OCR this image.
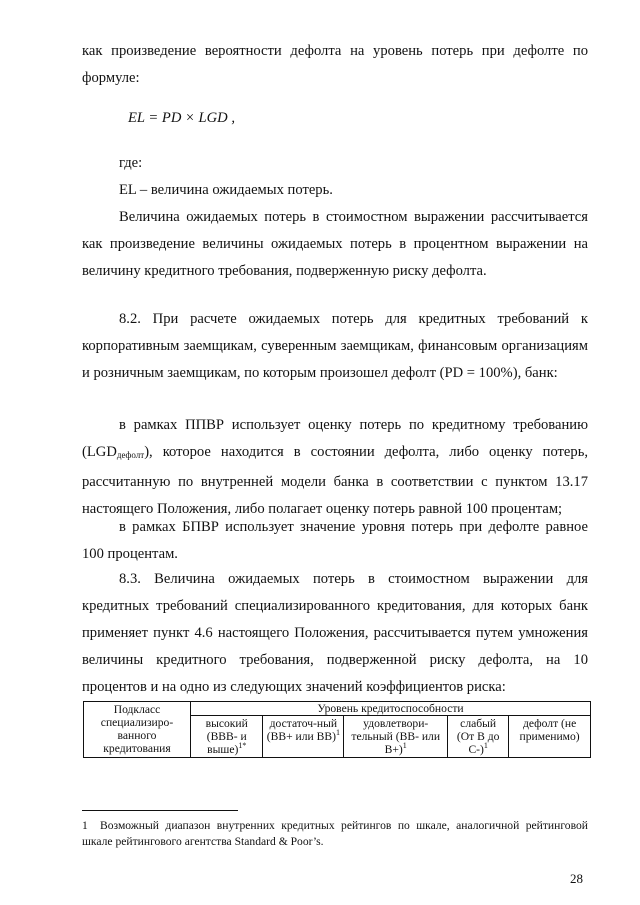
как произведение вероятности дефолта на уровень потерь при дефолте по формуле:

EL = PD × LGD ,

где:

EL – величина ожидаемых потерь.

Величина ожидаемых потерь в стоимостном выражении рассчитывается как произведение величины ожидаемых потерь в процентном выражении на величину кредитного требования, подверженную риску дефолта.

8.2. При расчете ожидаемых потерь для кредитных требований к корпоративным заемщикам, суверенным заемщикам, финансовым организациям и розничным заемщикам, по которым произошел дефолт (PD = 100%), банк:

в рамках ППВР использует оценку потерь по кредитному требованию (LGDдефолт), которое находится в состоянии дефолта, либо оценку потерь, рассчитанную по внутренней модели банка в соответствии с пунктом 13.17 настоящего Положения, либо полагает оценку потерь равной 100 процентам;

в рамках БПВР использует значение уровня потерь при дефолте равное 100 процентам.

8.3. Величина ожидаемых потерь в стоимостном выражении для кредитных требований специализированного кредитования, для которых банк применяет пункт 4.6 настоящего Положения, рассчитывается путем умножения величины кредитного требования, подверженной риску дефолта, на 10 процентов и на одно из следующих значений коэффициентов риска:

Подкласс специализиро-ванного кредитования	Уровень кредитоспособности				
	высокий (BBB- и выше)$^{1*}$	достаточ-ный (BB+ или BB)$^1$	удовлетвори-тельный (BB- или B+)$^1$	слабый (От B до C-)$^1$	дефолт (не применимо)

1 Возможный диапазон внутренних кредитных рейтингов по шкале, аналогичной рейтинговой шкале рейтингового агентства Standard & Poor’s.

28
